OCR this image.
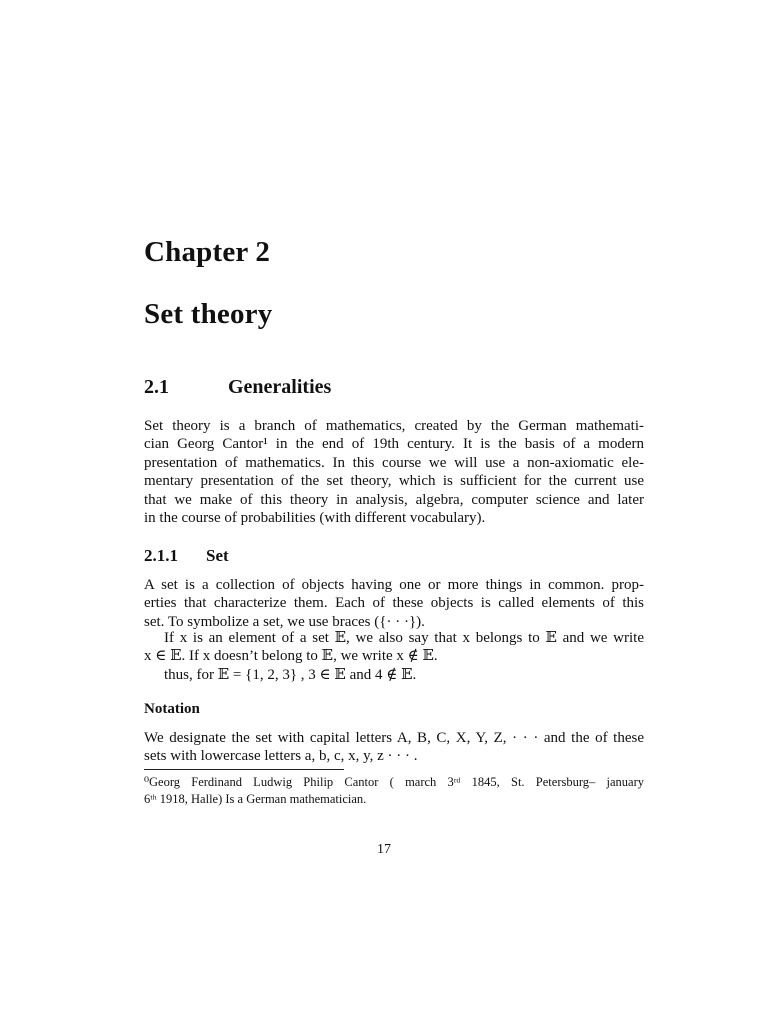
Chapter 2
Set theory
2.1	Generalities
Set theory is a branch of mathematics, created by the German mathemati-
cian Georg Cantor¹ in the end of 19th century. It is the basis of a modern
presentation of mathematics. In this course we will use a non-axiomatic ele-
mentary presentation of the set theory, which is sufficient for the current use
that we make of this theory in analysis, algebra, computer science and later
in the course of probabilities (with different vocabulary).
2.1.1 Set
A set is a collection of objects having one or more things in common. prop-
erties that characterize them. Each of these objects is called elements of this
set. To symbolize a set, we use braces ({· · ·}).
If x is an element of a set 𝔼, we also say that x belongs to 𝔼 and we write
x ∈ 𝔼. If x doesn’t belong to 𝔼, we write x ∉ 𝔼.
thus, for 𝔼 = {1, 2, 3} , 3 ∈ 𝔼 and 4 ∉ 𝔼.
Notation
We designate the set with capital letters A, B, C, X, Y, Z, · · · and the of these
sets with lowercase letters a, b, c, x, y, z · · · .
⁰Georg Ferdinand Ludwig Philip Cantor ( march 3ʳᵈ 1845, St. Petersburg– january
6ᵗʰ 1918, Halle) Is a German mathematician.
17
